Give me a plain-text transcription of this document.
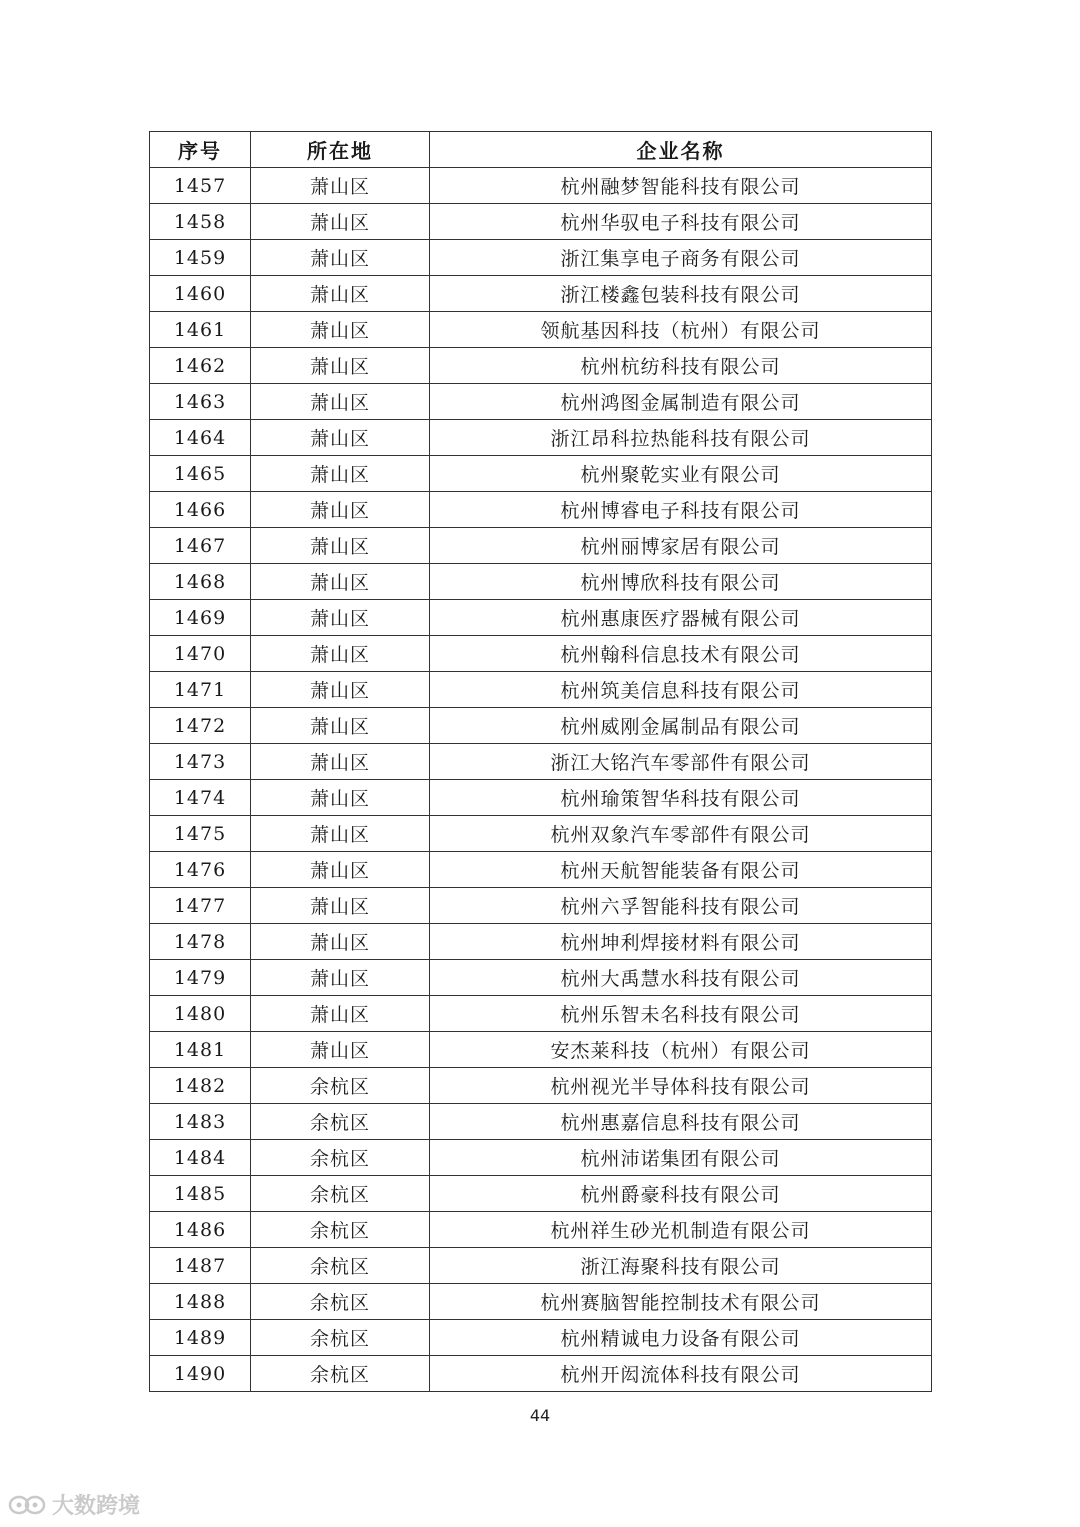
序号	所在地	企业名称
1457	萧山区	杭州融梦智能科技有限公司
1458	萧山区	杭州华驭电子科技有限公司
1459	萧山区	浙江集享电子商务有限公司
1460	萧山区	浙江楼鑫包装科技有限公司
1461	萧山区	领航基因科技（杭州）有限公司
1462	萧山区	杭州杭纺科技有限公司
1463	萧山区	杭州鸿图金属制造有限公司
1464	萧山区	浙江昂科拉热能科技有限公司
1465	萧山区	杭州聚乾实业有限公司
1466	萧山区	杭州博睿电子科技有限公司
1467	萧山区	杭州丽博家居有限公司
1468	萧山区	杭州博欣科技有限公司
1469	萧山区	杭州惠康医疗器械有限公司
1470	萧山区	杭州翰科信息技术有限公司
1471	萧山区	杭州筑美信息科技有限公司
1472	萧山区	杭州威刚金属制品有限公司
1473	萧山区	浙江大铭汽车零部件有限公司
1474	萧山区	杭州瑜策智华科技有限公司
1475	萧山区	杭州双象汽车零部件有限公司
1476	萧山区	杭州天航智能装备有限公司
1477	萧山区	杭州六孚智能科技有限公司
1478	萧山区	杭州坤利焊接材料有限公司
1479	萧山区	杭州大禹慧水科技有限公司
1480	萧山区	杭州乐智未名科技有限公司
1481	萧山区	安杰莱科技（杭州）有限公司
1482	余杭区	杭州视光半导体科技有限公司
1483	余杭区	杭州惠嘉信息科技有限公司
1484	余杭区	杭州沛诺集团有限公司
1485	余杭区	杭州爵豪科技有限公司
1486	余杭区	杭州祥生砂光机制造有限公司
1487	余杭区	浙江海聚科技有限公司
1488	余杭区	杭州赛脑智能控制技术有限公司
1489	余杭区	杭州精诚电力设备有限公司
1490	余杭区	杭州开闳流体科技有限公司
44
大数跨境
